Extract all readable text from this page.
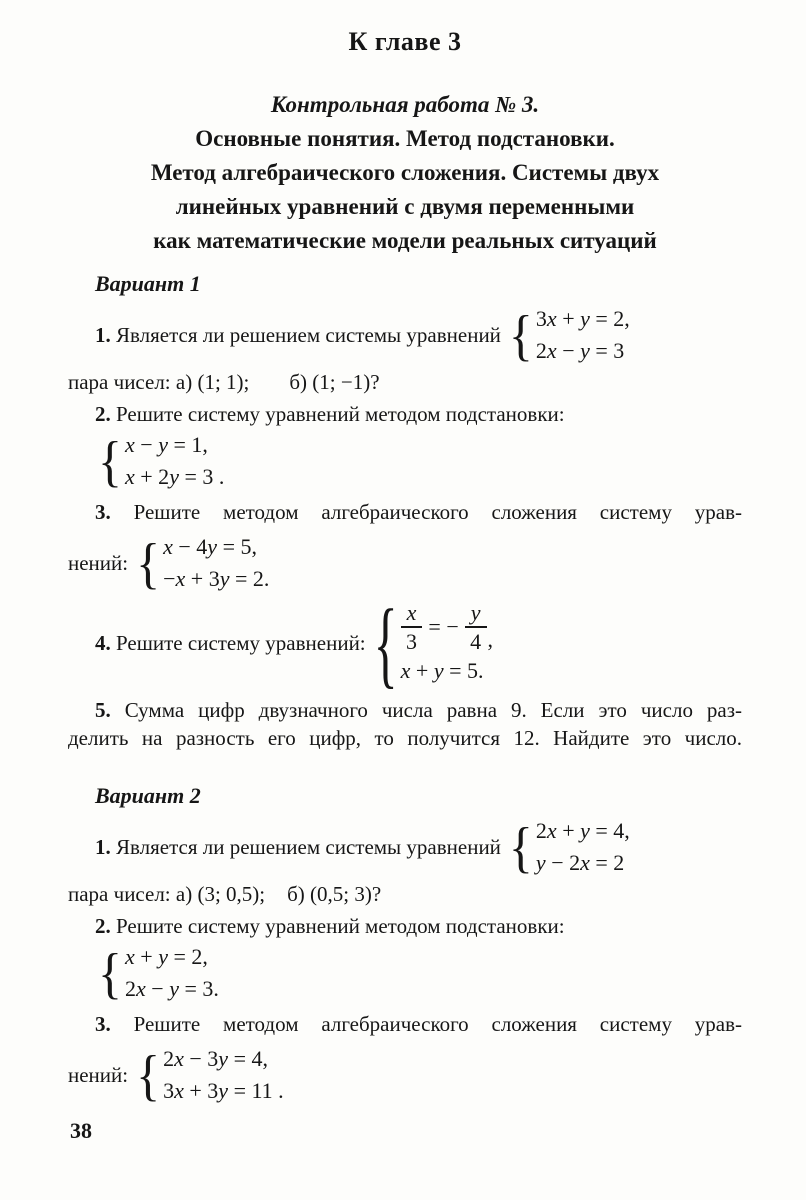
К главе 3
Контрольная работа № 3.
Основные понятия. Метод подстановки.
Метод алгебраического сложения. Системы двух
линейных уравнений с двумя переменными
как математические модели реальных ситуаций
Вариант 1
1. Является ли решением системы уравнений { 3x + y = 2,
2x − y = 3
пара чисел: а) (1; 1); б) (1; −1)?
2. Решите систему уравнений методом подстановки:
{ x − y = 1,
x + 2y = 3 .
3. Решите методом алгебраического сложения систему урав-
нений: { x − 4y = 5,
−x + 3y = 2.
4. Решите систему уравнений: { $\frac{x}{3}$ = − $\frac{y}{4}$ ,
x + y = 5.
5. Сумма цифр двузначного числа равна 9. Если это число раз-
делить на разность его цифр, то получится 12. Найдите это число.
Вариант 2
1. Является ли решением системы уравнений { 2x + y = 4,
y − 2x = 2
пара чисел: а) (3; 0,5); б) (0,5; 3)?
2. Решите систему уравнений методом подстановки:
{ x + y = 2,
2x − y = 3.
3. Решите методом алгебраического сложения систему урав-
нений: { 2x − 3y = 4,
3x + 3y = 11 .
38
